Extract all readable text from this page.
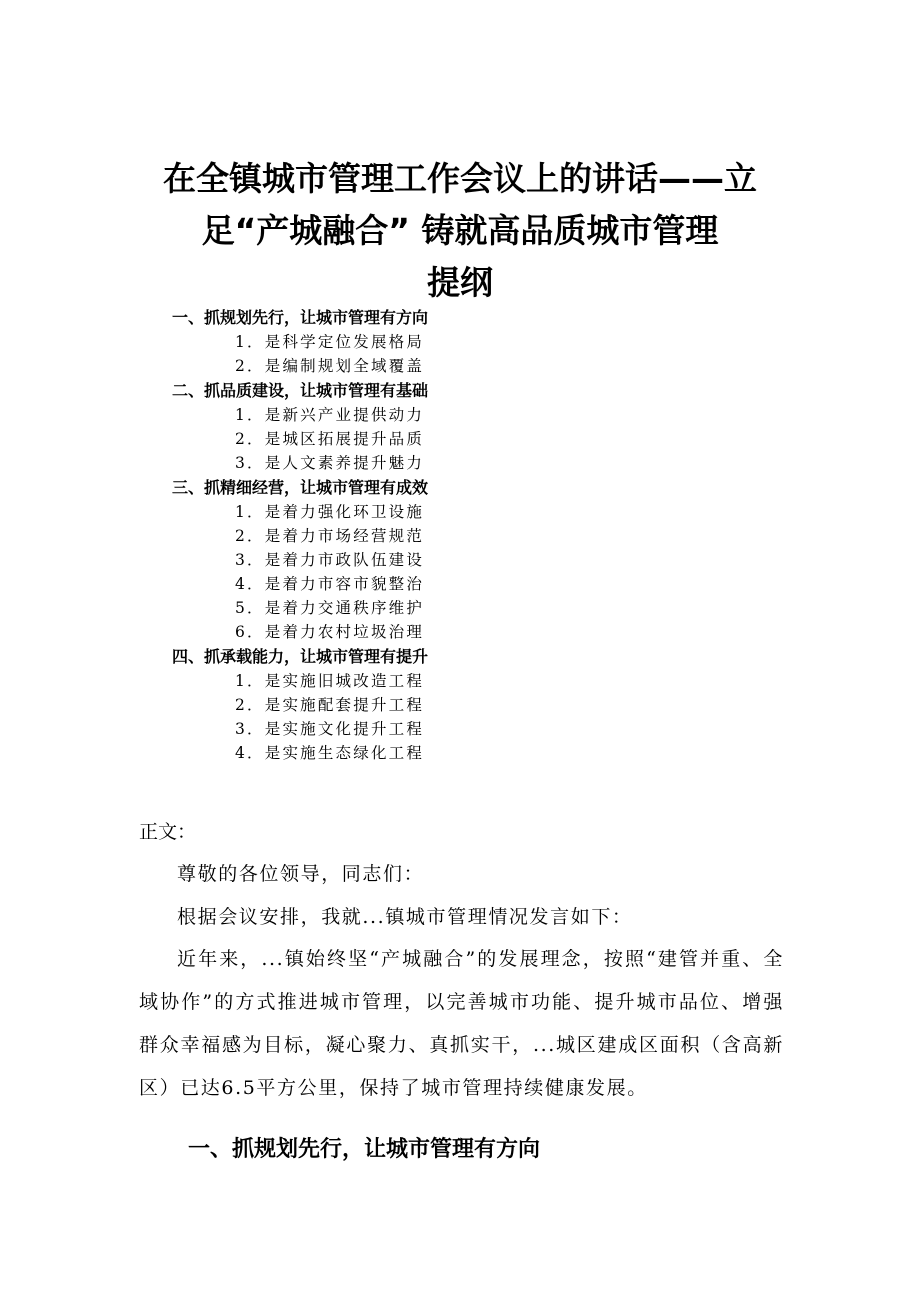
在全镇城市管理工作会议上的讲话——立
足“产城融合” 铸就高品质城市管理
提纲
一、抓规划先行，让城市管理有方向
1．是科学定位发展格局
2．是编制规划全域覆盖
二、抓品质建设，让城市管理有基础
1．是新兴产业提供动力
2．是城区拓展提升品质
3．是人文素养提升魅力
三、抓精细经营，让城市管理有成效
1．是着力强化环卫设施
2．是着力市场经营规范
3．是着力市政队伍建设
4．是着力市容市貌整治
5．是着力交通秩序维护
6．是着力农村垃圾治理
四、抓承载能力，让城市管理有提升
1．是实施旧城改造工程
2．是实施配套提升工程
3．是实施文化提升工程
4．是实施生态绿化工程
正文：
尊敬的各位领导，同志们：
根据会议安排，我就...镇城市管理情况发言如下：
近年来，...镇始终坚“产城融合”的发展理念，按照“建管并重、全域协作”的方式推进城市管理，以完善城市功能、提升城市品位、增强群众幸福感为目标，凝心聚力、真抓实干，...城区建成区面积（含高新区）已达6.5平方公里，保持了城市管理持续健康发展。
一、抓规划先行，让城市管理有方向
